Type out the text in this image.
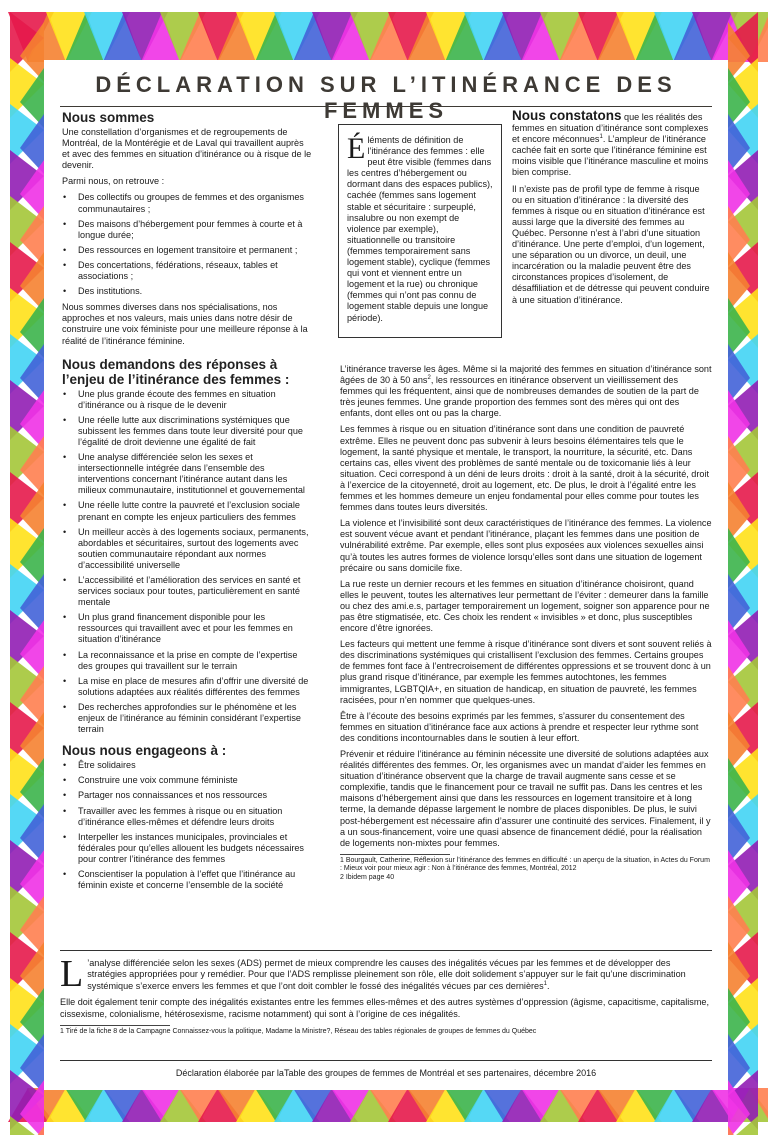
DÉCLARATION SUR L’ITINÉRANCE DES FEMMES
Nous sommes

Une constellation d’organismes et de regroupements de Montréal, de la Montérégie et de Laval qui travaillent auprès et avec des femmes en situation d’itinérance ou à risque de le devenir.

Parmi nous, on retrouve :

• Des collectifs ou groupes de femmes et des organismes communautaires ;
• Des maisons d’hébergement pour femmes à courte et à longue durée;
• Des ressources en logement transitoire et permanent ;
• Des concertations, fédérations, réseaux, tables et associations ;
• Des institutions.

Nous sommes diverses dans nos spécialisations, nos approches et nos valeurs, mais unies dans notre désir de construire une voix féministe pour une meilleure réponse à la réalité de l’itinérance féminine.

Nous demandons des réponses à l’enjeu de l’itinérance des femmes :
• Une plus grande écoute des femmes en situation d’itinérance ou à risque de le devenir
• Une réelle lutte aux discriminations systémiques que subissent les femmes dans toute leur diversité pour que l’égalité de droit devienne une égalité de fait
• Une analyse différenciée selon les sexes et intersectionnelle intégrée dans l’ensemble des interventions concernant l’itinérance autant dans les milieux communautaire, institutionnel et gouvernemental
• Une réelle lutte contre la pauvreté et l’exclusion sociale prenant en compte les enjeux particuliers des femmes
• Un meilleur accès à des logements sociaux, permanents, abordables et sécuritaires, surtout des logements avec soutien communautaire répondant aux normes d’accessibilité universelle
• L’accessibilité et l’amélioration des services en santé et services sociaux pour toutes, particulièrement en santé mentale
• Un plus grand financement disponible pour les ressources qui travaillent avec et pour les femmes en situation d’itinérance
• La reconnaissance et la prise en compte de l’expertise des groupes qui travaillent sur le terrain
• La mise en place de mesures afin d’offrir une diversité de solutions adaptées aux réalités différentes des femmes
• Des recherches approfondies sur le phénomène et les enjeux de l’itinérance au féminin considérant l’expertise terrain
Nous nous engageons à :
• Être solidaires
• Construire une voix commune féministe
• Partager nos connaissances et nos ressources
• Travailler avec les femmes à risque ou en situation d’itinérance elles-mêmes et défendre leurs droits
• Interpeller les instances municipales, provinciales et fédérales pour qu’elles allouent les budgets nécessaires pour contrer l’itinérance des femmes
• Conscientiser la population à l’effet que l’itinérance au féminin existe et concerne l’ensemble de la société
Éléments de définition de l’itinérance des femmes : elle peut être visible (femmes dans les centres d’hébergement ou dormant dans des espaces publics), cachée (femmes sans logement stable et sécuritaire : surpeuplé, insalubre ou non exempt de violence par exemple), situationnelle ou transitoire (femmes temporairement sans logement stable), cyclique (femmes qui vont et viennent entre un logement et la rue) ou chronique (femmes qui n’ont pas connu de logement stable depuis une longue période).

Nous constatons que les réalités des femmes en situation d’itinérance sont complexes et encore méconnues$^1$. L’ampleur de l’itinérance cachée fait en sorte que l’itinérance féminine est moins visible que l’itinérance masculine et moins bien comprise.

Il n’existe pas de profil type de femme à risque ou en situation d’itinérance : la diversité des femmes à risque ou en situation d’itinérance est aussi large que la diversité des femmes au Québec. Personne n’est à l’abri d’une situation d’itinérance. Une perte d’emploi, d’un logement, une séparation ou un divorce, un deuil, une incarcération ou la maladie peuvent être des circonstances propices d’isolement, de désaffiliation et de détresse qui peuvent conduire à une situation d’itinérance.

L’itinérance traverse les âges. Même si la majorité des femmes en situation d’itinérance sont âgées de 30 à 50 ans$^2$, les ressources en itinérance observent un vieillissement des femmes qui les fréquentent, ainsi que de nombreuses demandes de soutien de la part de très jeunes femmes. Une grande proportion des femmes sont des mères qui ont des enfants, dont elles ont ou pas la charge.

Les femmes à risque ou en situation d’itinérance sont dans une condition de pauvreté extrême. Elles ne peuvent donc pas subvenir à leurs besoins élémentaires tels que le logement, la santé physique et mentale, le transport, la nourriture, la sécurité, etc. Dans certains cas, elles vivent des problèmes de santé mentale ou de toxicomanie liés à leur situation. Ceci correspond à un déni de leurs droits : droit à la santé, droit à la sécurité, droit à l’exercice de la citoyenneté, droit au logement, etc. De plus, le droit à l’égalité entre les femmes et les hommes demeure un enjeu fondamental pour elles comme pour toutes les femmes dans toutes leurs diversités.

La violence et l’invisibilité sont deux caractéristiques de l’itinérance des femmes. La violence est souvent vécue avant et pendant l’itinérance, plaçant les femmes dans une position de vulnérabilité extrême. Par exemple, elles sont plus exposées aux violences sexuelles ainsi qu’à toutes les autres formes de violence lorsqu’elles sont dans une situation de logement précaire ou sans domicile fixe.

La rue reste un dernier recours et les femmes en situation d’itinérance choisiront, quand elles le peuvent, toutes les alternatives leur permettant de l’éviter : demeurer dans la famille ou chez des ami.e.s, partager temporairement un logement, soigner son apparence pour ne pas être stigmatisée, etc. Ces choix les rendent « invisibles » et donc, plus susceptibles encore d’être ignorées.

Les facteurs qui mettent une femme à risque d’itinérance sont divers et sont souvent reliés à des discriminations systémiques qui cristallisent l’exclusion des femmes. Certains groupes de femmes font face à l’entrecroisement de différentes oppressions et se trouvent donc à un plus grand risque d’itinérance, par exemple les femmes autochtones, les femmes immigrantes, LGBTQIA+, en situation de handicap, en situation de pauvreté, les femmes racisées, pour n’en nommer que quelques-unes.

Être à l’écoute des besoins exprimés par les femmes, s’assurer du consentement des femmes en situation d’itinérance face aux actions à prendre et respecter leur rythme sont des conditions incontournables dans le soutien à leur effort.

Prévenir et réduire l’itinérance au féminin nécessite une diversité de solutions adaptées aux réalités différentes des femmes. Or, les organismes avec un mandat d’aider les femmes en situation d’itinérance observent que la charge de travail augmente sans cesse et se complexifie, tandis que le financement pour ce travail ne suffit pas. Dans les centres et les maisons d’hébergement ainsi que dans les ressources en logement transitoire et à long terme, la demande dépasse largement le nombre de places disponibles. De plus, le suivi post-hébergement est nécessaire afin d’assurer une continuité des services. Finalement, il y a un sous-financement, voire une quasi absence de financement dédié, pour la réalisation de logements non-mixtes pour femmes.

1 Bourgault, Catherine, Réflexion sur l’itinérance des femmes en difficulté : un aperçu de la situation, in Actes du Forum : Mieux voir pour mieux agir : Non à l’itinérance des femmes, Montréal, 2012
2 Ibidem page 40

L ’analyse différenciée selon les sexes (ADS) permet de mieux comprendre les causes des inégalités vécues par les femmes et de développer des stratégies appropriées pour y remédier. Pour que l’ADS remplisse pleinement son rôle, elle doit solidement s’appuyer sur le fait qu’une discrimination systémique s’exerce envers les femmes et que l’ont doit combler le fossé des inégalités vécues par ces dernières$^1$.

Elle doit également tenir compte des inégalités existantes entre les femmes elles-mêmes et des autres systèmes d’oppression (âgisme, capacitisme, capitalisme, cissexisme, colonialisme, hétérosexisme, racisme notamment) qui sont à l’origine de ces inégalités.

1 Tiré de la fiche 8 de la Campagne Connaissez-vous la politique, Madame la Ministre?, Réseau des tables régionales de groupes de femmes du Québec
Déclaration élaborée par laTable des groupes de femmes de Montréal et ses partenaires, décembre 2016
